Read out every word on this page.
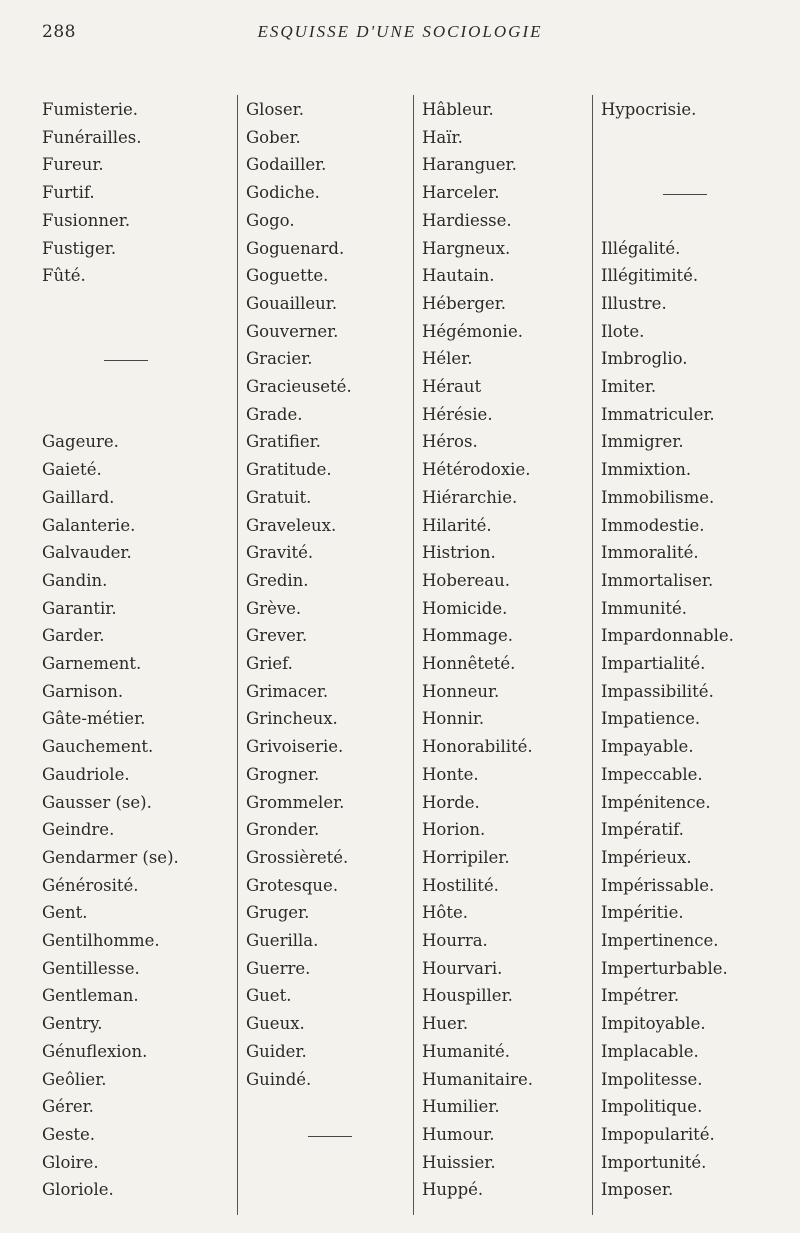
288	ESQUISSE D'UNE SOCIOLOGIE
Fumisterie.
Funérailles.
Fureur.
Furtif.
Fusionner.
Fustiger.
Fûté.
Gageure.
Gaieté.
Gaillard.
Galanterie.
Galvauder.
Gandin.
Garantir.
Garder.
Garnement.
Garnison.
Gâte-métier.
Gauchement.
Gaudriole.
Gausser (se).
Geindre.
Gendarmer (se).
Générosité.
Gent.
Gentilhomme.
Gentillesse.
Gentleman.
Gentry.
Génuflexion.
Geôlier.
Gérer.
Geste.
Gloire.
Gloriole.
Gloser.
Gober.
Godailler.
Godiche.
Gogo.
Goguenard.
Goguette.
Gouailleur.
Gouverner.
Gracier.
Gracieuseté.
Grade.
Gratifier.
Gratitude.
Gratuit.
Graveleux.
Gravité.
Gredin.
Grève.
Grever.
Grief.
Grimacer.
Grincheux.
Grivoiserie.
Grogner.
Grommeler.
Gronder.
Grossièreté.
Grotesque.
Gruger.
Guerilla.
Guerre.
Guet.
Gueux.
Guider.
Guindé.
Hâbleur.
Haïr.
Haranguer.
Harceler.
Hardiesse.
Hargneux.
Hautain.
Héberger.
Hégémonie.
Héler.
Héraut
Hérésie.
Héros.
Hétérodoxie.
Hiérarchie.
Hilarité.
Histrion.
Hobereau.
Homicide.
Hommage.
Honnêteté.
Honneur.
Honnir.
Honorabilité.
Honte.
Horde.
Horion.
Horripiler.
Hostilité.
Hôte.
Hourra.
Hourvari.
Houspiller.
Huer.
Humanité.
Humanitaire.
Humilier.
Humour.
Huissier.
Huppé.
Hypocrisie.
Illégalité.
Illégitimité.
Illustre.
Ilote.
Imbroglio.
Imiter.
Immatriculer.
Immigrer.
Immixtion.
Immobilisme.
Immodestie.
Immoralité.
Immortaliser.
Immunité.
Impardonnable.
Impartialité.
Impassibilité.
Impatience.
Impayable.
Impeccable.
Impénitence.
Impératif.
Impérieux.
Impérissable.
Impéritie.
Impertinence.
Imperturbable.
Impétrer.
Impitoyable.
Implacable.
Impolitesse.
Impolitique.
Impopularité.
Importunité.
Imposer.
